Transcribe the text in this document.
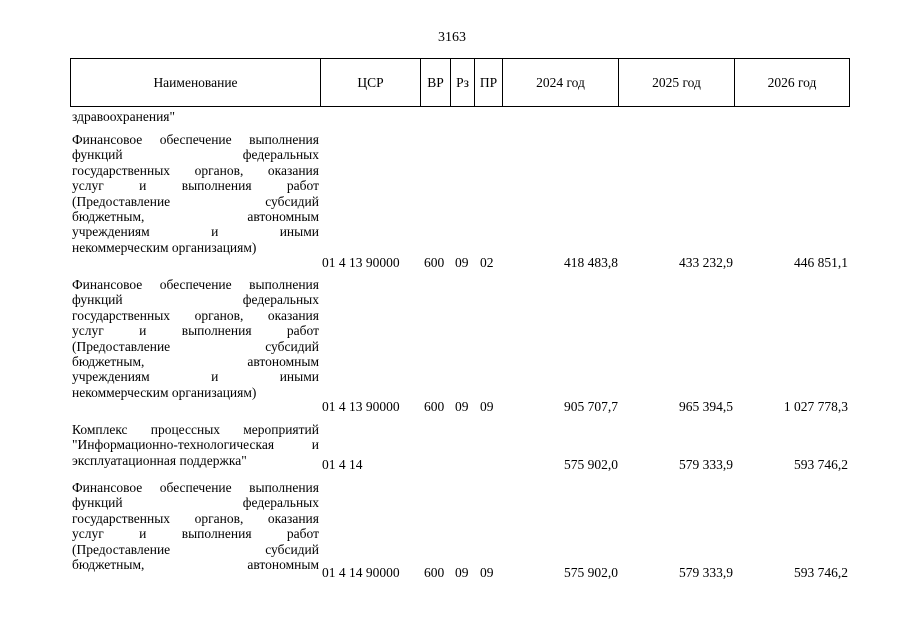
3163
Наименование	ЦСР	ВР Рз ПР	2024 год	2025 год	2026 год
здравоохранения"
Финансовое обеспечение выполнения
функций федеральных
государственных органов, оказания
услуг и выполнения работ
(Предоставление субсидий
бюджетным, автономным
учреждениям и иными
некоммерческим организациям)
01 4 13 90000 600 09 02	418 483,8	433 232,9	446 851,1
Финансовое обеспечение выполнения
функций федеральных
государственных органов, оказания
услуг и выполнения работ
(Предоставление субсидий
бюджетным, автономным
учреждениям и иными
некоммерческим организациям)
01 4 13 90000 600 09 09	905 707,7	965 394,5	1 027 778,3
Комплекс процессных мероприятий
"Информационно-технологическая и
эксплуатационная поддержка"	01 4 14	575 902,0	579 333,9	593 746,2
Финансовое обеспечение выполнения
функций федеральных
государственных органов, оказания
услуг и выполнения работ
(Предоставление субсидий
бюджетным, автономным
01 4 14 90000 600 09 09	575 902,0	579 333,9	593 746,2
